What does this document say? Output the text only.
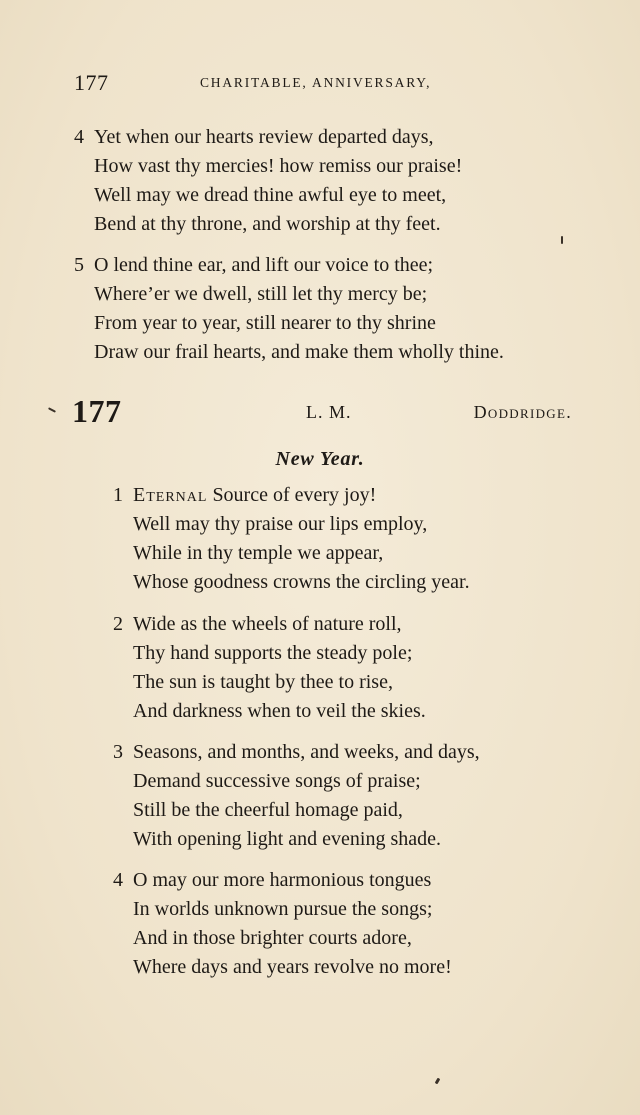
177	CHARITABLE, ANNIVERSARY,
4 Yet when our hearts review departed days,
How vast thy mercies! how remiss our praise!
Well may we dread thine awful eye to meet,
Bend at thy throne, and worship at thy feet.
5 O lend thine ear, and lift our voice to thee;
Where’er we dwell, still let thy mercy be;
From year to year, still nearer to thy shrine
Draw our frail hearts, and make them wholly thine.
177	L. M.	Doddridge.
New Year.
1 Eternal Source of every joy!
Well may thy praise our lips employ,
While in thy temple we appear,
Whose goodness crowns the circling year.
2 Wide as the wheels of nature roll,
Thy hand supports the steady pole;
The sun is taught by thee to rise,
And darkness when to veil the skies.
3 Seasons, and months, and weeks, and days,
Demand successive songs of praise;
Still be the cheerful homage paid,
With opening light and evening shade.
4 O may our more harmonious tongues
In worlds unknown pursue the songs;
And in those brighter courts adore,
Where days and years revolve no more!
